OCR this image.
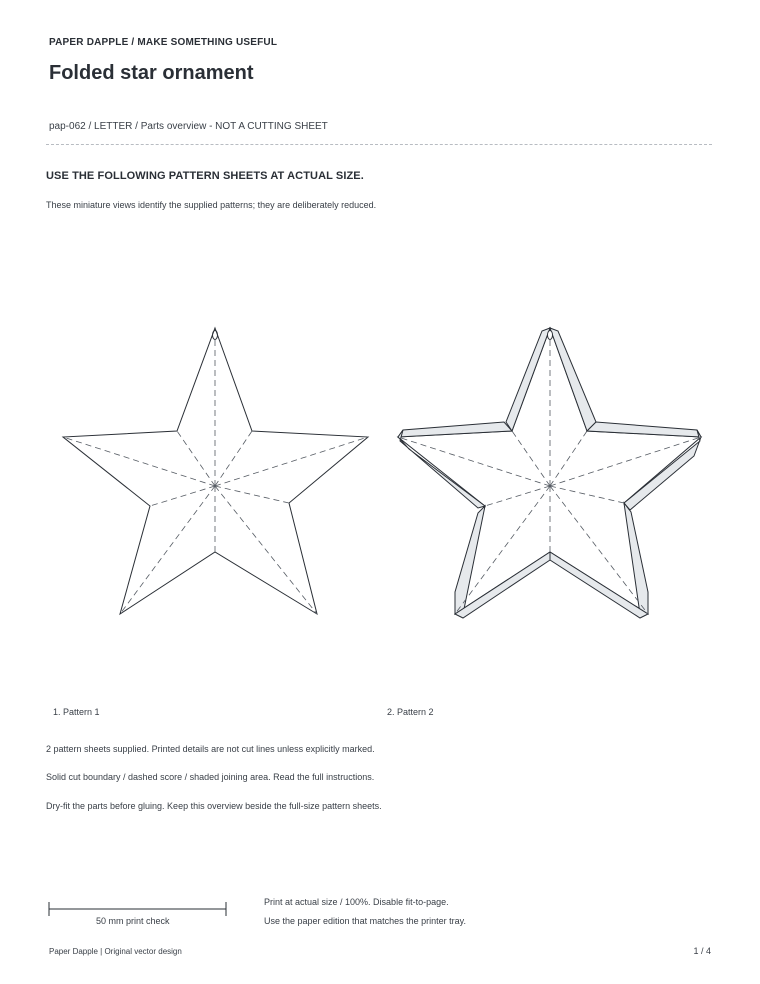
PAPER DAPPLE / MAKE SOMETHING USEFUL
Folded star ornament
pap-062 / LETTER / Parts overview - NOT A CUTTING SHEET
USE THE FOLLOWING PATTERN SHEETS AT ACTUAL SIZE.
These miniature views identify the supplied patterns; they are deliberately reduced.
1. Pattern 1	2. Pattern 2
2 pattern sheets supplied. Printed details are not cut lines unless explicitly marked.
Solid cut boundary / dashed score / shaded joining area. Read the full instructions.
Dry-fit the parts before gluing. Keep this overview beside the full-size pattern sheets.
50 mm print check
Print at actual size / 100%. Disable fit-to-page.
Use the paper edition that matches the printer tray.
Paper Dapple | Original vector design	1 / 4
